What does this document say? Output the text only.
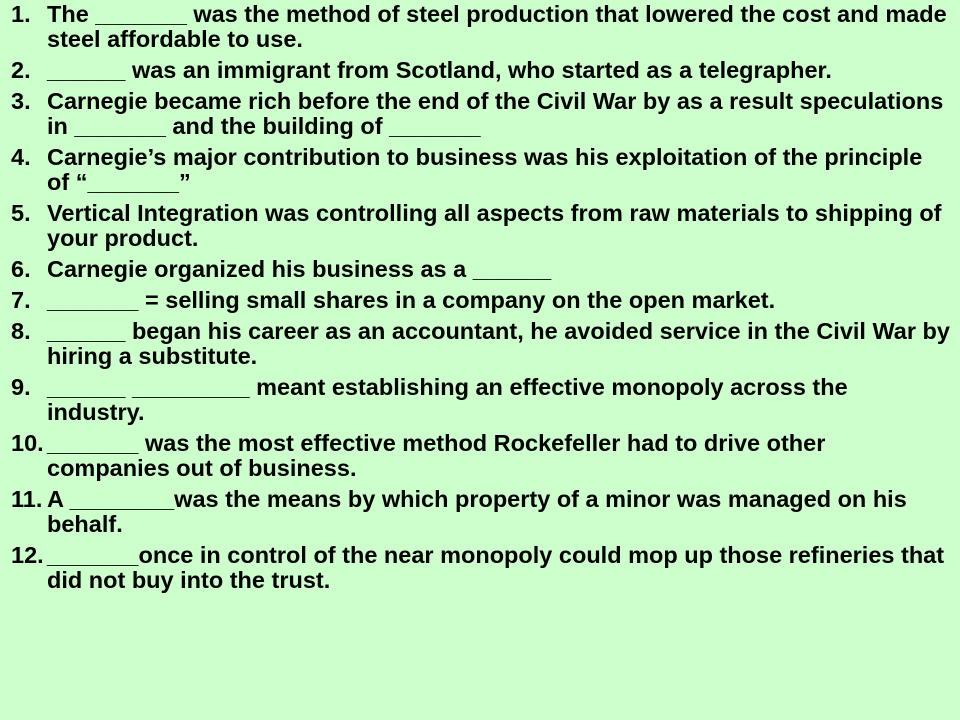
1. The _______ was the method of steel production that lowered the cost and made steel affordable to use.
2. ______ was an immigrant from Scotland, who started as a telegrapher.
3. Carnegie became rich before the end of the Civil War by as a result speculations in _______ and the building of _______
4. Carnegie’s major contribution to business was his exploitation of the principle of “_______”
5. Vertical Integration was controlling all aspects from raw materials to shipping of your product.
6. Carnegie organized his business as a ______
7. _______ = selling small shares in a company on the open market.
8. ______ began his career as an accountant, he avoided service in the Civil War by hiring a substitute.
9. ______ _________ meant establishing an effective monopoly across the industry.
10. _______ was the most effective method Rockefeller had to drive other companies out of business.
11. A ________was the means by which property of a minor was managed on his behalf.
12. _______once in control of the near monopoly could mop up those refineries that did not buy into the trust.
